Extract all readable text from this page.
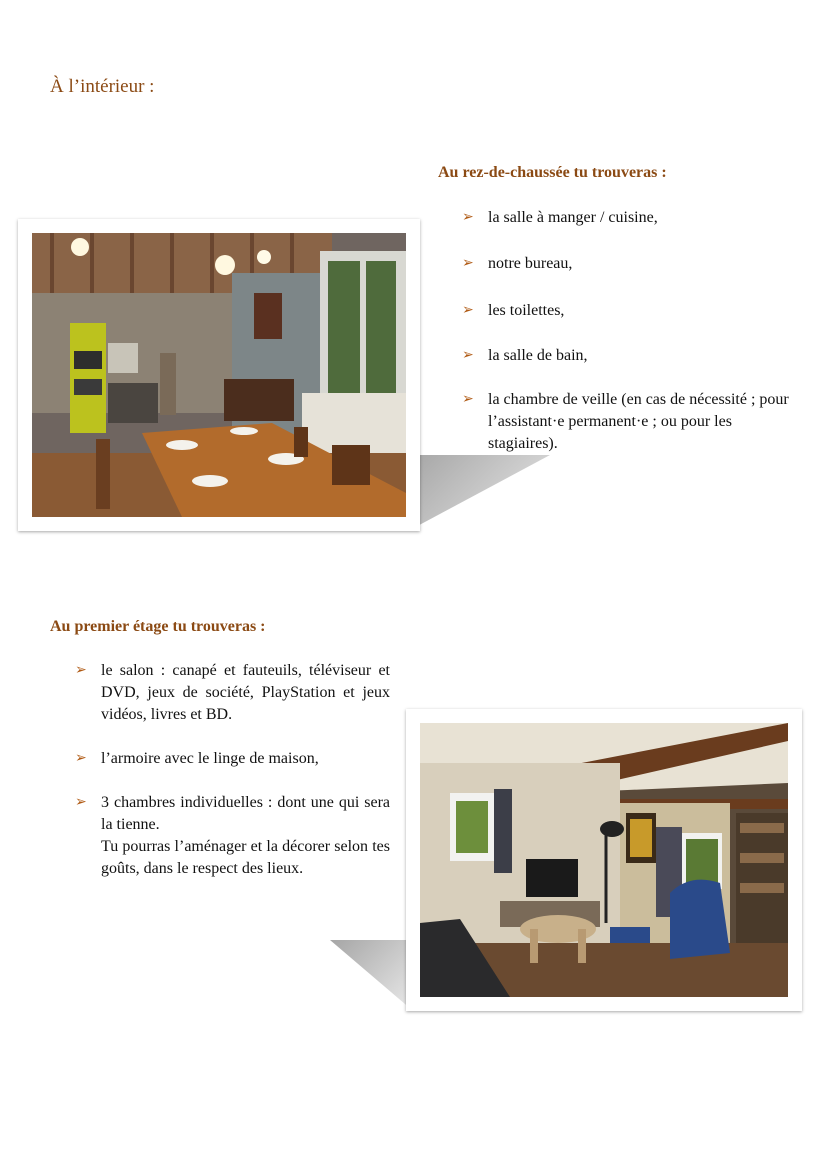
À l’intérieur :
Au rez-de-chaussée tu trouveras :
➢ la salle à manger / cuisine,
➢ notre bureau,
➢ les toilettes,
➢ la salle de bain,
➢ la chambre de veille (en cas de nécessité ; pour l’assistant·e permanent·e ; ou pour les stagiaires).
Au premier étage tu trouveras :
➢ le salon : canapé et fauteuils, téléviseur et DVD, jeux de société, PlayStation et jeux vidéos, livres et BD.
➢ l’armoire avec le linge de maison,
➢ 3 chambres individuelles : dont une qui sera la tienne.
Tu pourras l’aménager et la décorer selon tes goûts, dans le respect des lieux.
